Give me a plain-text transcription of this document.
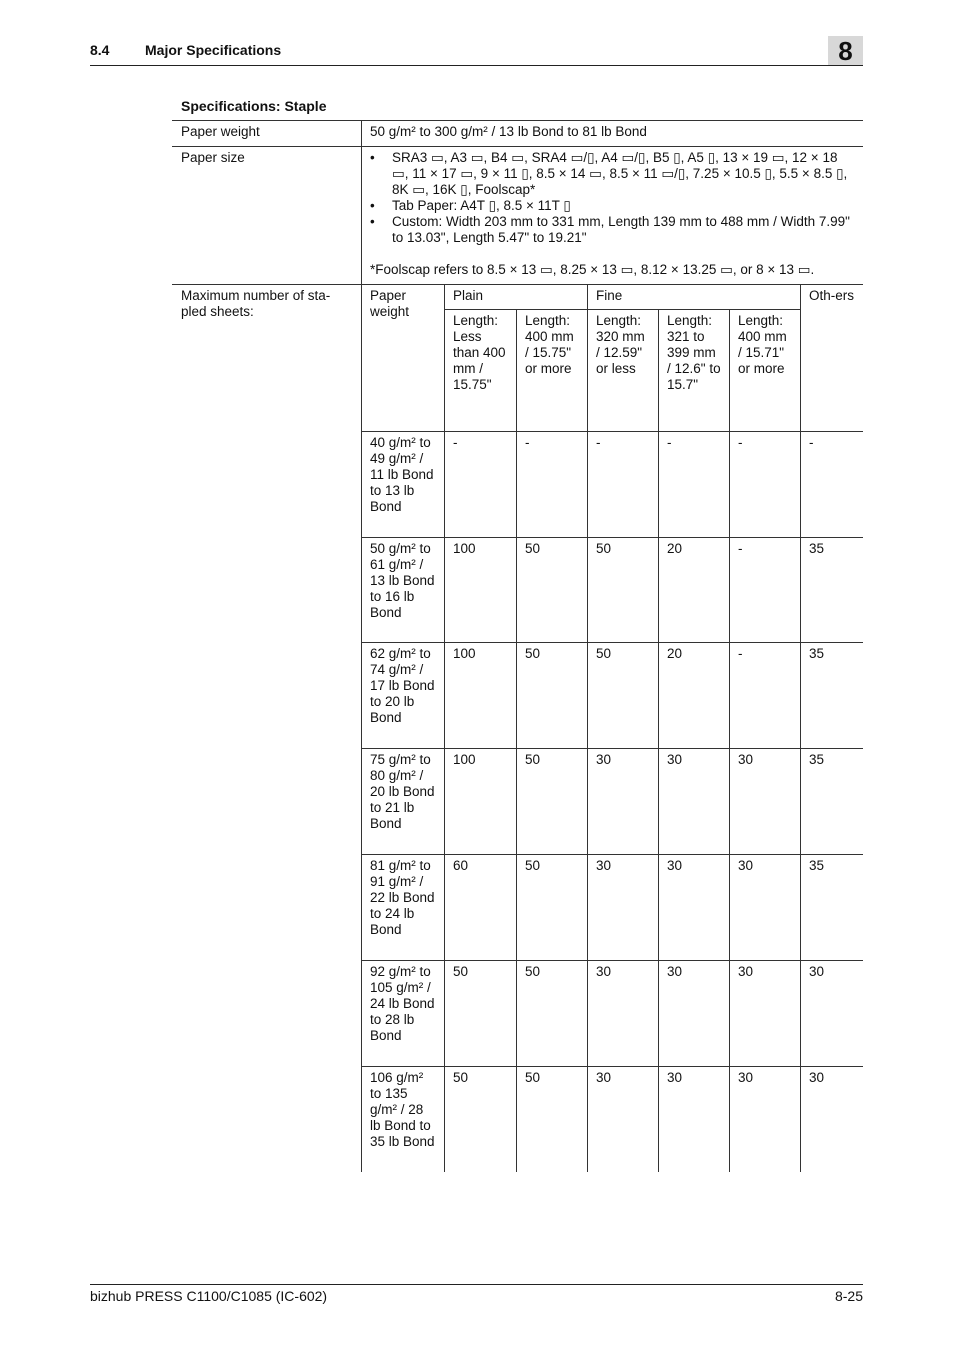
8.4	Major Specifications	8
Specifications: Staple
Paper weight	50 g/m² to 300 g/m² / 13 lb Bond to 81 lb Bond
Paper size
•	SRA3 ▭, A3 ▭, B4 ▭, SRA4 ▭/▯, A4 ▭/▯, B5 ▯, A5 ▯, 13 × 19 ▭, 12 × 18 ▭, 11 × 17 ▭, 9 × 11 ▯, 8.5 × 14 ▭, 8.5 × 11 ▭/▯, 7.25 × 10.5 ▯, 5.5 × 8.5 ▯, 8K ▭, 16K ▯, Foolscap*
• Tab Paper: A4T ▯, 8.5 × 11T ▯
• Custom: Width 203 mm to 331 mm, Length 139 mm to 488 mm / Width 7.99" to 13.03", Length 5.47" to 19.21"
*Foolscap refers to 8.5 × 13 ▭, 8.25 × 13 ▭, 8.12 × 13.25 ▭, or 8 × 13 ▭.
Maximum number of sta-pled sheets:
Paper weight
Plain	Fine	Oth-ers
Length: Less than 400 mm / 15.75"
Length: 400 mm / 15.75" or more
Length: 320 mm / 12.59" or less
Length: 321 to 399 mm / 12.6" to 15.7"
Length: 400 mm / 15.71" or more
40 g/m² to 49 g/m² / 11 lb Bond to 13 lb Bond
-	-	-	-	-	-
50 g/m² to 61 g/m² / 13 lb Bond to 16 lb Bond
100	50	50	20	-	35
62 g/m² to 74 g/m² / 17 lb Bond to 20 lb Bond
100	50	50	20	-	35
75 g/m² to 80 g/m² / 20 lb Bond to 21 lb Bond
100	50	30	30	30	35
81 g/m² to 91 g/m² / 22 lb Bond to 24 lb Bond
60	50	30	30	30	35
92 g/m² to 105 g/m² / 24 lb Bond to 28 lb Bond
50	50	30	30	30	30
106 g/m² to 135 g/m² / 28 lb Bond to 35 lb Bond
50	50	30	30	30	30
bizhub PRESS C1100/C1085 (IC-602)	8-25
